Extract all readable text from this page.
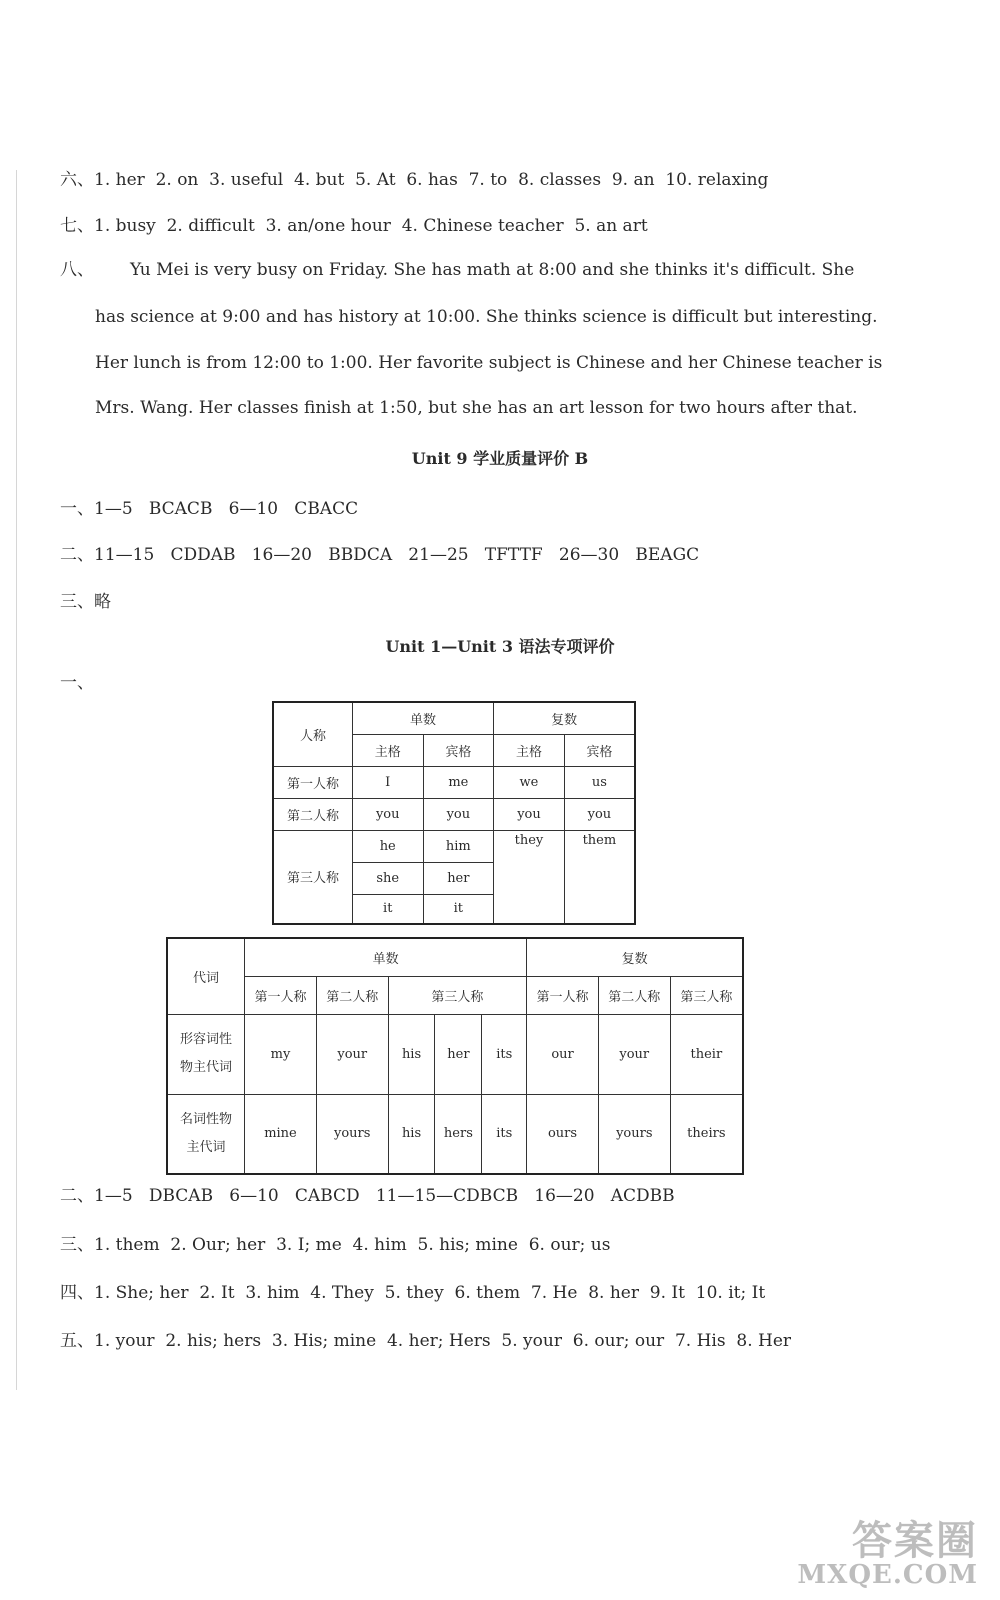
六、1. her  2. on  3. useful  4. but  5. At  6. has  7. to  8. classes  9. an  10. relaxing
七、1. busy  2. difficult  3. an/one hour  4. Chinese teacher  5. an art
八、 Yu Mei is very busy on Friday. She has math at 8:00 and she thinks it's difficult. She
has science at 9:00 and has history at 10:00. She thinks science is difficult but interesting.
Her lunch is from 12:00 to 1:00. Her favorite subject is Chinese and her Chinese teacher is
Mrs. Wang. Her classes finish at 1:50, but she has an art lesson for two hours after that.
Unit 9 学业质量评价 B
一、1—5   BCACB   6—10   CBACC
二、11—15   CDDAB   16—20   BBDCA   21—25   TFTTF   26—30   BEAGC
三、略
Unit 1—Unit 3 语法专项评价
一、
人称	单数		复数	
	主格	宾格	主格	宾格
第一人称	I	me	we	us
第二人称	you	you	you	you
第三人称	he	him	they	them
	she	her		
	it	it		
代词	单数					复数		
	第一人称	第二人称	第三人称			第一人称	第二人称	第三人称

形容词性
物主代词	my	your	his	her	its	our	your	their

名词性物
主代词	mine	yours	his	hers	its	ours	yours	theirs
二、1—5   DBCAB   6—10   CABCD   11—15—CDBCB   16—20   ACDBB
三、1. them  2. Our; her  3. I; me  4. him  5. his; mine  6. our; us
四、1. She; her  2. It  3. him  4. They  5. they  6. them  7. He  8. her  9. It  10. it; It
五、1. your  2. his; hers  3. His; mine  4. her; Hers  5. your  6. our; our  7. His  8. Her
答案圈
MXQE.COM
